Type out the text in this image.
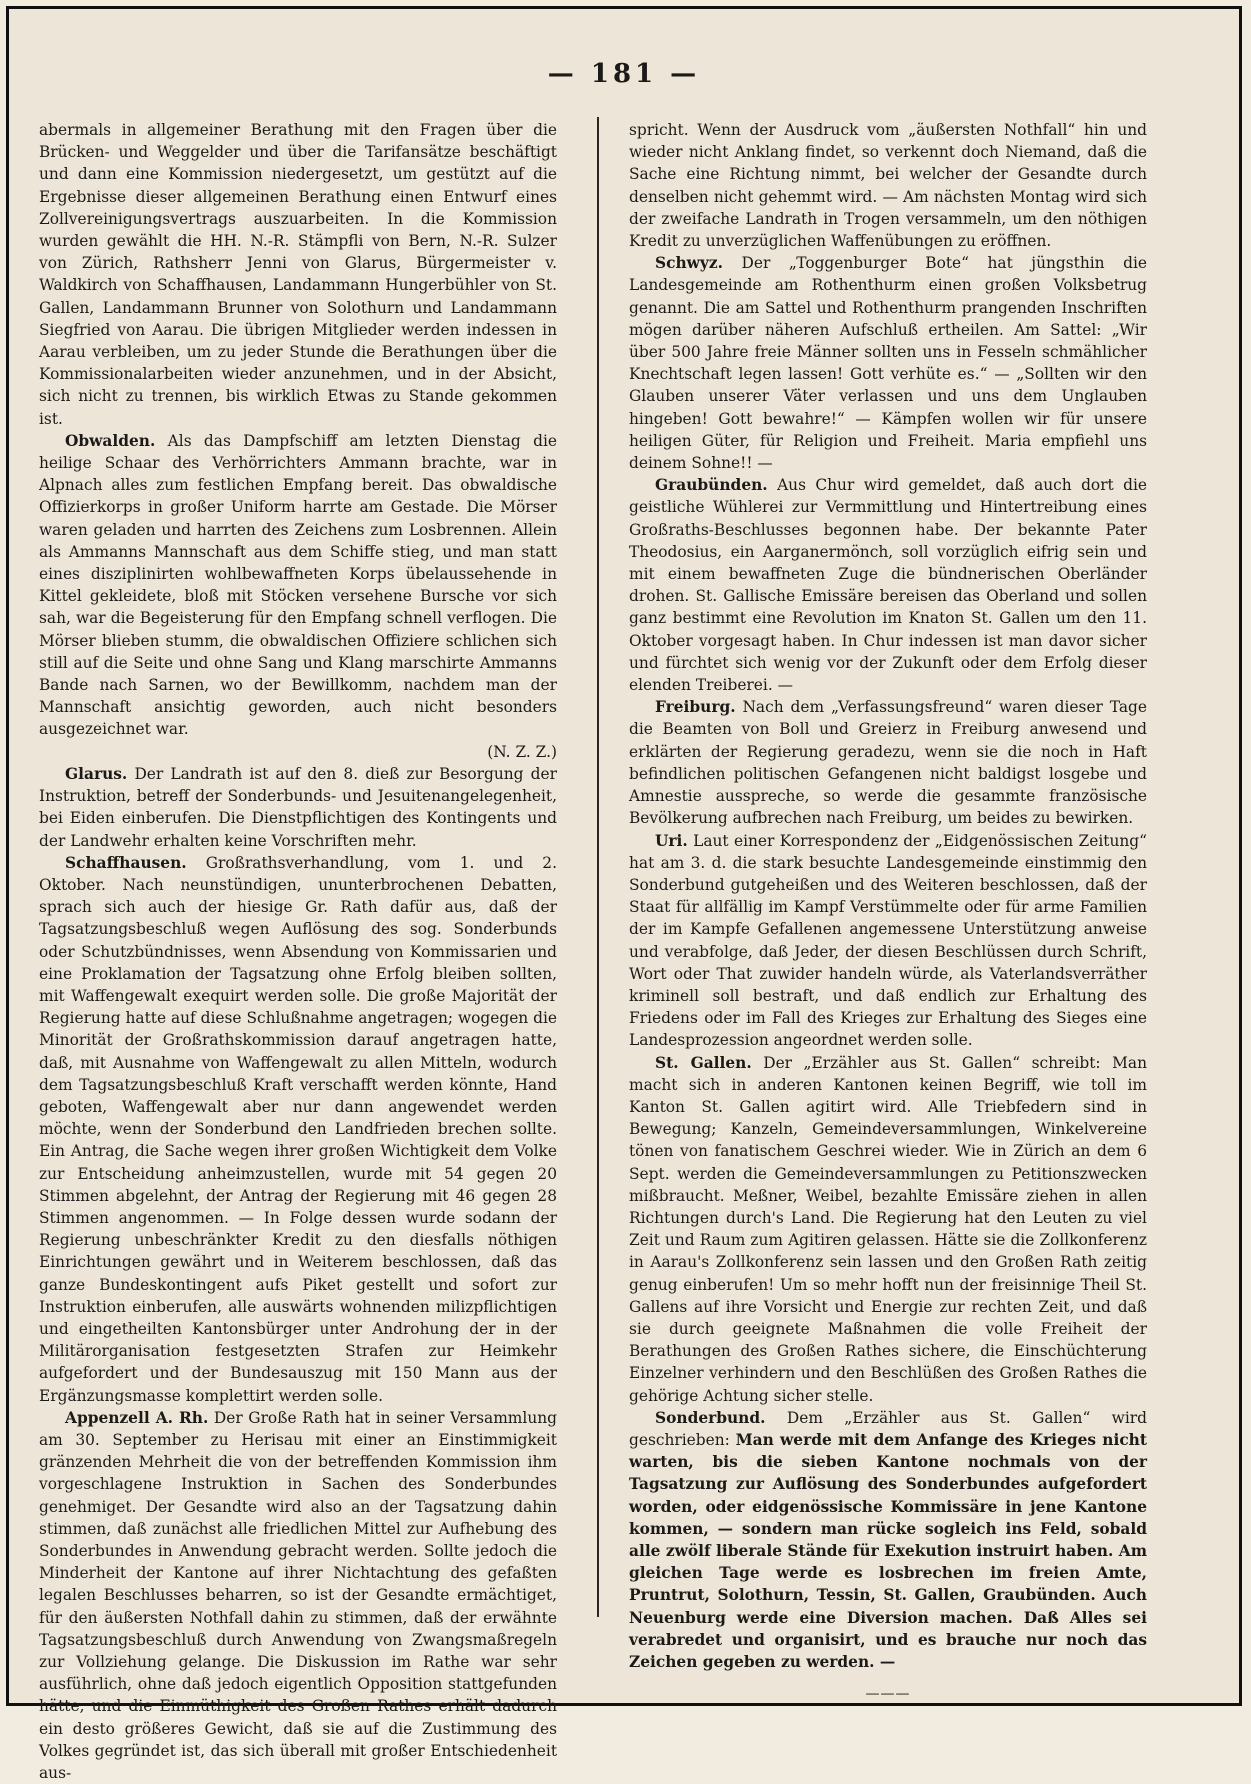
— 181 —

abermals in allgemeiner Berathung mit den Fragen über die Brücken- und Weggelder und über die Tarifansätze beschäftigt und dann eine Kommission niedergesetzt, um gestützt auf die Ergebnisse dieser allgemeinen Berathung einen Entwurf eines Zollvereinigungsvertrags auszuarbeiten. In die Kommission wurden gewählt die HH. N.-R. Stämpfli von Bern, N.-R. Sulzer von Zürich, Rathsherr Jenni von Glarus, Bürgermeister v. Waldkirch von Schaffhausen, Landammann Hungerbühler von St. Gallen, Landammann Brunner von Solothurn und Landammann Siegfried von Aarau. Die übrigen Mitglieder werden indessen in Aarau verbleiben, um zu jeder Stunde die Berathungen über die Kommissionalarbeiten wieder anzunehmen, und in der Absicht, sich nicht zu trennen, bis wirklich Etwas zu Stande gekommen ist.

Obwalden. Als das Dampfschiff am letzten Dienstag die heilige Schaar des Verhörrichters Ammann brachte, war in Alpnach alles zum festlichen Empfang bereit. Das obwaldische Offizierkorps in großer Uniform harrte am Gestade. Die Mörser waren geladen und harrten des Zeichens zum Losbrennen. Allein als Ammanns Mannschaft aus dem Schiffe stieg, und man statt eines disziplinirten wohlbewaffneten Korps übelaussehende in Kittel gekleidete, bloß mit Stöcken versehene Bursche vor sich sah, war die Begeisterung für den Empfang schnell verflogen. Die Mörser blieben stumm, die obwaldischen Offiziere schlichen sich still auf die Seite und ohne Sang und Klang marschirte Ammanns Bande nach Sarnen, wo der Bewillkomm, nachdem man der Mannschaft ansichtig geworden, auch nicht besonders ausgezeichnet war.
(N. Z. Z.)

Glarus. Der Landrath ist auf den 8. dieß zur Besorgung der Instruktion, betreff der Sonderbunds- und Jesuitenangelegenheit, bei Eiden einberufen. Die Dienstpflichtigen des Kontingents und der Landwehr erhalten keine Vorschriften mehr.

Schaffhausen. Großrathsverhandlung, vom 1. und 2. Oktober. Nach neunstündigen, ununterbrochenen Debatten, sprach sich auch der hiesige Gr. Rath dafür aus, daß der Tagsatzungsbeschluß wegen Auflösung des sog. Sonderbunds oder Schutzbündnisses, wenn Absendung von Kommissarien und eine Proklamation der Tagsatzung ohne Erfolg bleiben sollten, mit Waffengewalt exequirt werden solle. Die große Majorität der Regierung hatte auf diese Schlußnahme angetragen; wogegen die Minorität der Großrathskommission darauf angetragen hatte, daß, mit Ausnahme von Waffengewalt zu allen Mitteln, wodurch dem Tagsatzungsbeschluß Kraft verschafft werden könnte, Hand geboten, Waffengewalt aber nur dann angewendet werden möchte, wenn der Sonderbund den Landfrieden brechen sollte. Ein Antrag, die Sache wegen ihrer großen Wichtigkeit dem Volke zur Entscheidung anheimzustellen, wurde mit 54 gegen 20 Stimmen abgelehnt, der Antrag der Regierung mit 46 gegen 28 Stimmen angenommen. — In Folge dessen wurde sodann der Regierung unbeschränkter Kredit zu den diesfalls nöthigen Einrichtungen gewährt und in Weiterem beschlossen, daß das ganze Bundeskontingent aufs Piket gestellt und sofort zur Instruktion einberufen, alle auswärts wohnenden milizpflichtigen und eingetheilten Kantonsbürger unter Androhung der in der Militärorganisation festgesetzten Strafen zur Heimkehr aufgefordert und der Bundesauszug mit 150 Mann aus der Ergänzungsmasse komplettirt werden solle.

Appenzell A. Rh. Der Große Rath hat in seiner Versammlung am 30. September zu Herisau mit einer an Einstimmigkeit gränzenden Mehrheit die von der betreffenden Kommission ihm vorgeschlagene Instruktion in Sachen des Sonderbundes genehmiget. Der Gesandte wird also an der Tagsatzung dahin stimmen, daß zunächst alle friedlichen Mittel zur Aufhebung des Sonderbundes in Anwendung gebracht werden. Sollte jedoch die Minderheit der Kantone auf ihrer Nichtachtung des gefaßten legalen Beschlusses beharren, so ist der Gesandte ermächtiget, für den äußersten Nothfall dahin zu stimmen, daß der erwähnte Tagsatzungsbeschluß durch Anwendung von Zwangsmaßregeln zur Vollziehung gelange. Die Diskussion im Rathe war sehr ausführlich, ohne daß jedoch eigentlich Opposition stattgefunden hätte, und die Einmüthigkeit des Großen Rathes erhält dadurch ein desto größeres Gewicht, daß sie auf die Zustimmung des Volkes gegründet ist, das sich überall mit großer Entschiedenheit aus-

spricht. Wenn der Ausdruck vom „äußersten Nothfall“ hin und wieder nicht Anklang findet, so verkennt doch Niemand, daß die Sache eine Richtung nimmt, bei welcher der Gesandte durch denselben nicht gehemmt wird. — Am nächsten Montag wird sich der zweifache Landrath in Trogen versammeln, um den nöthigen Kredit zu unverzüglichen Waffenübungen zu eröffnen.

Schwyz. Der „Toggenburger Bote“ hat jüngsthin die Landesgemeinde am Rothenthurm einen großen Volksbetrug genannt. Die am Sattel und Rothenthurm prangenden Inschriften mögen darüber näheren Aufschluß ertheilen. Am Sattel: „Wir über 500 Jahre freie Männer sollten uns in Fesseln schmählicher Knechtschaft legen lassen! Gott verhüte es.“ — „Sollten wir den Glauben unserer Väter verlassen und uns dem Unglauben hingeben! Gott bewahre!“ — Kämpfen wollen wir für unsere heiligen Güter, für Religion und Freiheit. Maria empfiehl uns deinem Sohne!! —

Graubünden. Aus Chur wird gemeldet, daß auch dort die geistliche Wühlerei zur Vermmittlung und Hintertreibung eines Großraths-Beschlusses begonnen habe. Der bekannte Pater Theodosius, ein Aarganermönch, soll vorzüglich eifrig sein und mit einem bewaffneten Zuge die bündnerischen Oberländer drohen. St. Gallische Emissäre bereisen das Oberland und sollen ganz bestimmt eine Revolution im Knaton St. Gallen um den 11. Oktober vorgesagt haben. In Chur indessen ist man davor sicher und fürchtet sich wenig vor der Zukunft oder dem Erfolg dieser elenden Treiberei. —

Freiburg. Nach dem „Verfassungsfreund“ waren dieser Tage die Beamten von Boll und Greierz in Freiburg anwesend und erklärten der Regierung geradezu, wenn sie die noch in Haft befindlichen politischen Gefangenen nicht baldigst losgebe und Amnestie ausspreche, so werde die gesammte französische Bevölkerung aufbrechen nach Freiburg, um beides zu bewirken.

Uri. Laut einer Korrespondenz der „Eidgenössischen Zeitung“ hat am 3. d. die stark besuchte Landesgemeinde einstimmig den Sonderbund gutgeheißen und des Weiteren beschlossen, daß der Staat für allfällig im Kampf Verstümmelte oder für arme Familien der im Kampfe Gefallenen angemessene Unterstützung anweise und verabfolge, daß Jeder, der diesen Beschlüssen durch Schrift, Wort oder That zuwider handeln würde, als Vaterlandsverräther kriminell soll bestraft, und daß endlich zur Erhaltung des Friedens oder im Fall des Krieges zur Erhaltung des Sieges eine Landesprozession angeordnet werden solle.

St. Gallen. Der „Erzähler aus St. Gallen“ schreibt: Man macht sich in anderen Kantonen keinen Begriff, wie toll im Kanton St. Gallen agitirt wird. Alle Triebfedern sind in Bewegung; Kanzeln, Gemeindeversammlungen, Winkelvereine tönen von fanatischem Geschrei wieder. Wie in Zürich an dem 6 Sept. werden die Gemeindeversammlungen zu Petitionszwecken mißbraucht. Meßner, Weibel, bezahlte Emissäre ziehen in allen Richtungen durch's Land. Die Regierung hat den Leuten zu viel Zeit und Raum zum Agitiren gelassen. Hätte sie die Zollkonferenz in Aarau's Zollkonferenz sein lassen und den Großen Rath zeitig genug einberufen! Um so mehr hofft nun der freisinnige Theil St. Gallens auf ihre Vorsicht und Energie zur rechten Zeit, und daß sie durch geeignete Maßnahmen die volle Freiheit der Berathungen des Großen Rathes sichere, die Einschüchterung Einzelner verhindern und den Beschlüßen des Großen Rathes die gehörige Achtung sicher stelle.

Sonderbund. Dem „Erzähler aus St. Gallen“ wird geschrieben: Man werde mit dem Anfange des Krieges nicht warten, bis die sieben Kantone nochmals von der Tagsatzung zur Auflösung des Sonderbundes aufgefordert worden, oder eidgenössische Kommissäre in jene Kantone kommen, — sondern man rücke sogleich ins Feld, sobald alle zwölf liberale Stände für Exekution instruirt haben. Am gleichen Tage werde es losbrechen im freien Amte, Pruntrut, Solothurn, Tessin, St. Gallen, Graubünden. Auch Neuenburg werde eine Diversion machen. Daß Alles sei verabredet und organisirt, und es brauche nur noch das Zeichen gegeben zu werden. —

———
